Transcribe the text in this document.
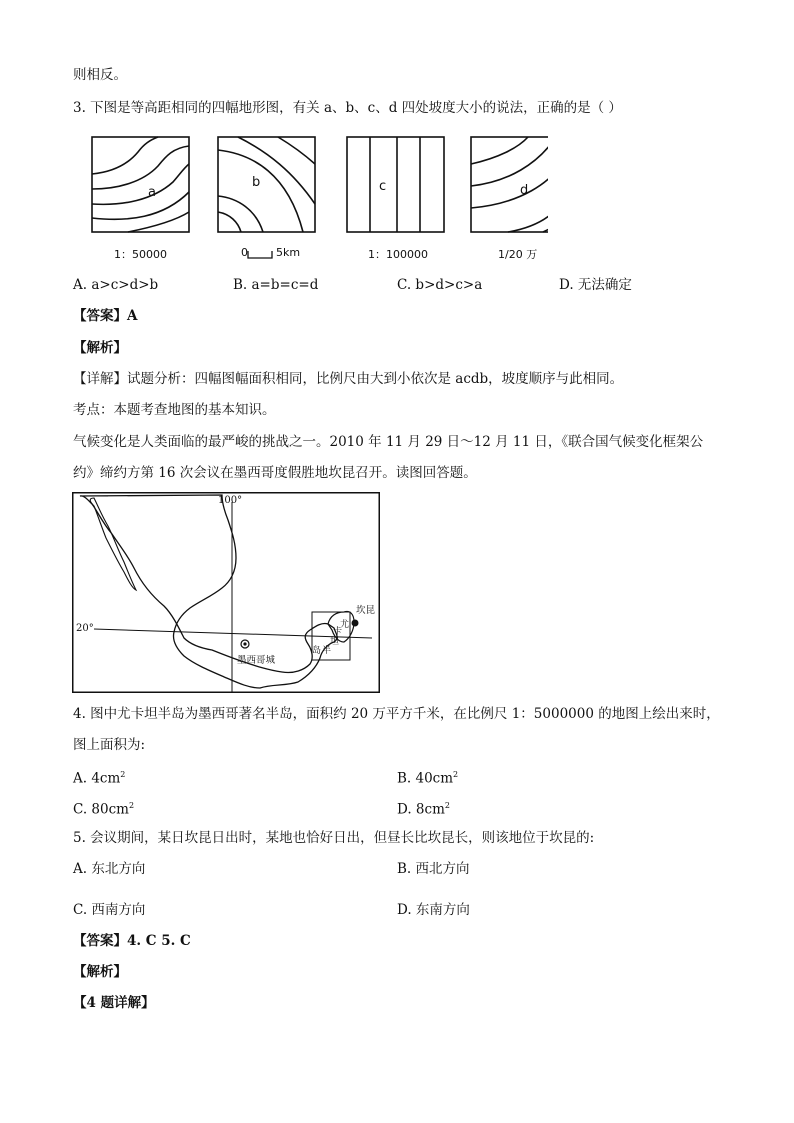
则相反。
3. 下图是等高距相同的四幅地形图，有关 a、b、c、d 四处坡度大小的说法，正确的是（ ）
a
b	c	d
1：50000	0	5km	1：100000	1/20 万
A. a>c>d>b	B. a=b=c=d	C. b>d>c>a	D. 无法确定
【答案】A
【解析】
【详解】试题分析：四幅图幅面积相同，比例尺由大到小依次是 acdb，坡度顺序与此相同。
考点：本题考查地图的基本知识。
气候变化是人类面临的最严峻的挑战之一。2010 年 11 月 29 日～12 月 11 日，《联合国气候变化框架公
约》缔约方第 16 次会议在墨西哥度假胜地坎昆召开。读图回答题。
100°
20°
坎昆
墨西哥城
尤
卡
坦
半
岛
4. 图中尤卡坦半岛为墨西哥著名半岛，面积约 20 万平方千米，在比例尺 1：5000000 的地图上绘出来时，
图上面积为:
A. $4cm^2$	B. $40cm^2$
C. $80cm^2$	D. $8cm^2$
5. 会议期间，某日坎昆日出时，某地也恰好日出，但昼长比坎昆长，则该地位于坎昆的:
A. 东北方向	B. 西北方向
C. 西南方向	D. 东南方向
【答案】4. C 5. C
【解析】
【4 题详解】
